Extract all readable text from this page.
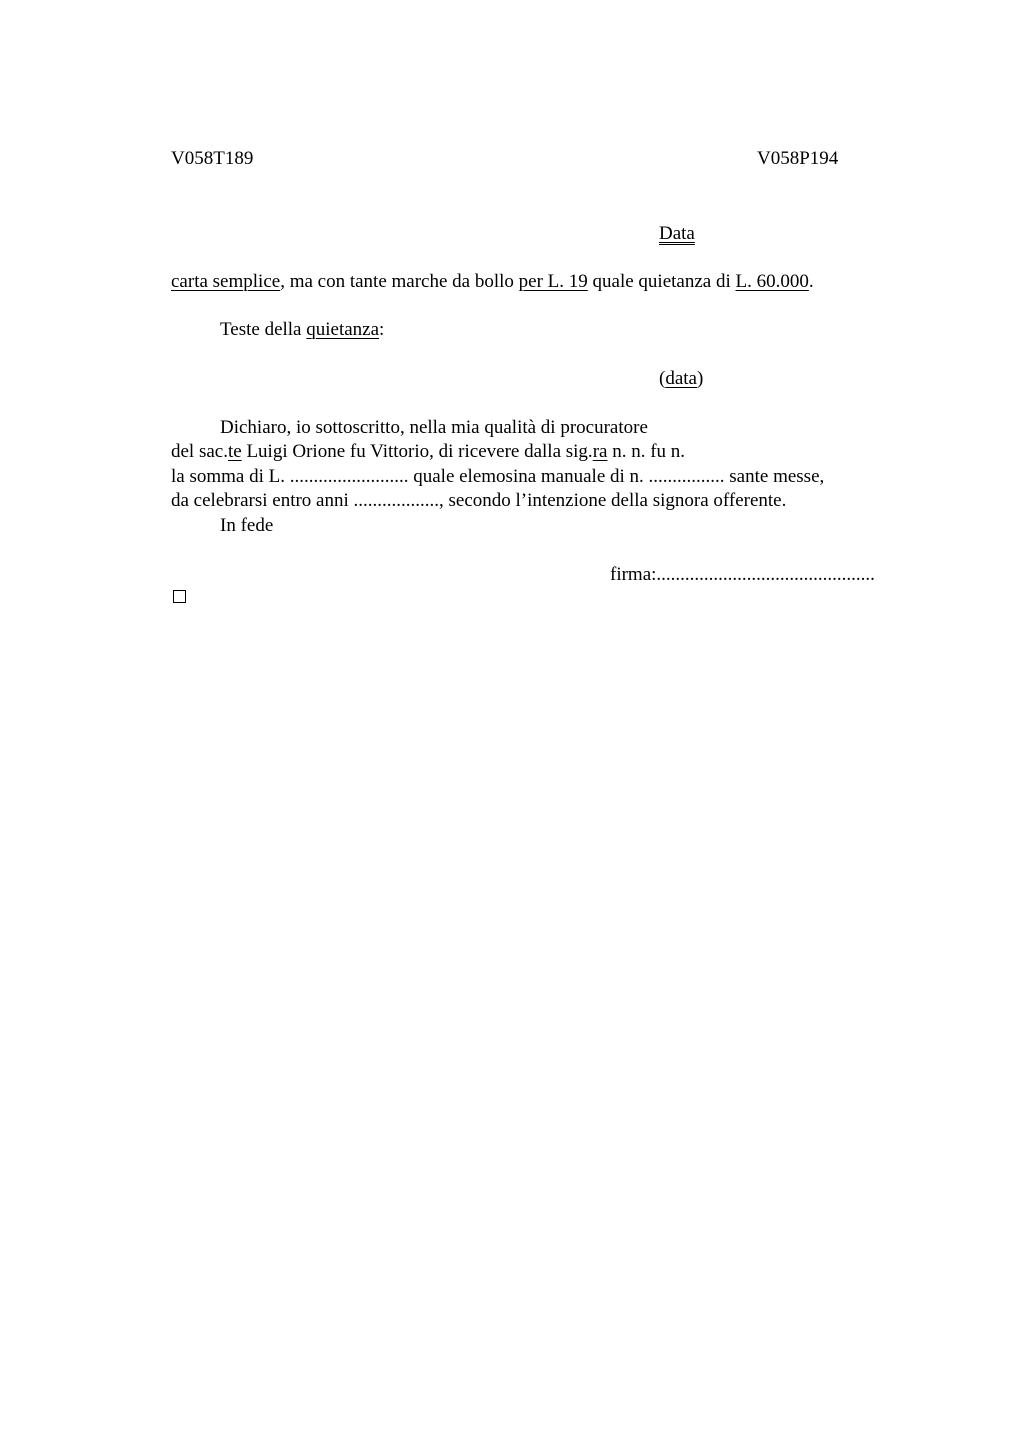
V058T189	V058P194
Data
carta semplice, ma con tante marche da bollo per L. 19 quale quietanza di L. 60.000.
Teste della quietanza:
(data)
Dichiaro, io sottoscritto, nella mia qualità di procuratore
del sac.te Luigi Orione fu Vittorio, di ricevere dalla sig.ra n. n. fu n.
la somma di L. ......................... quale elemosina manuale di n. ................ sante messe,
da celebrarsi entro anni .................., secondo l’intenzione della signora offerente.
In fede
firma:..............................................
